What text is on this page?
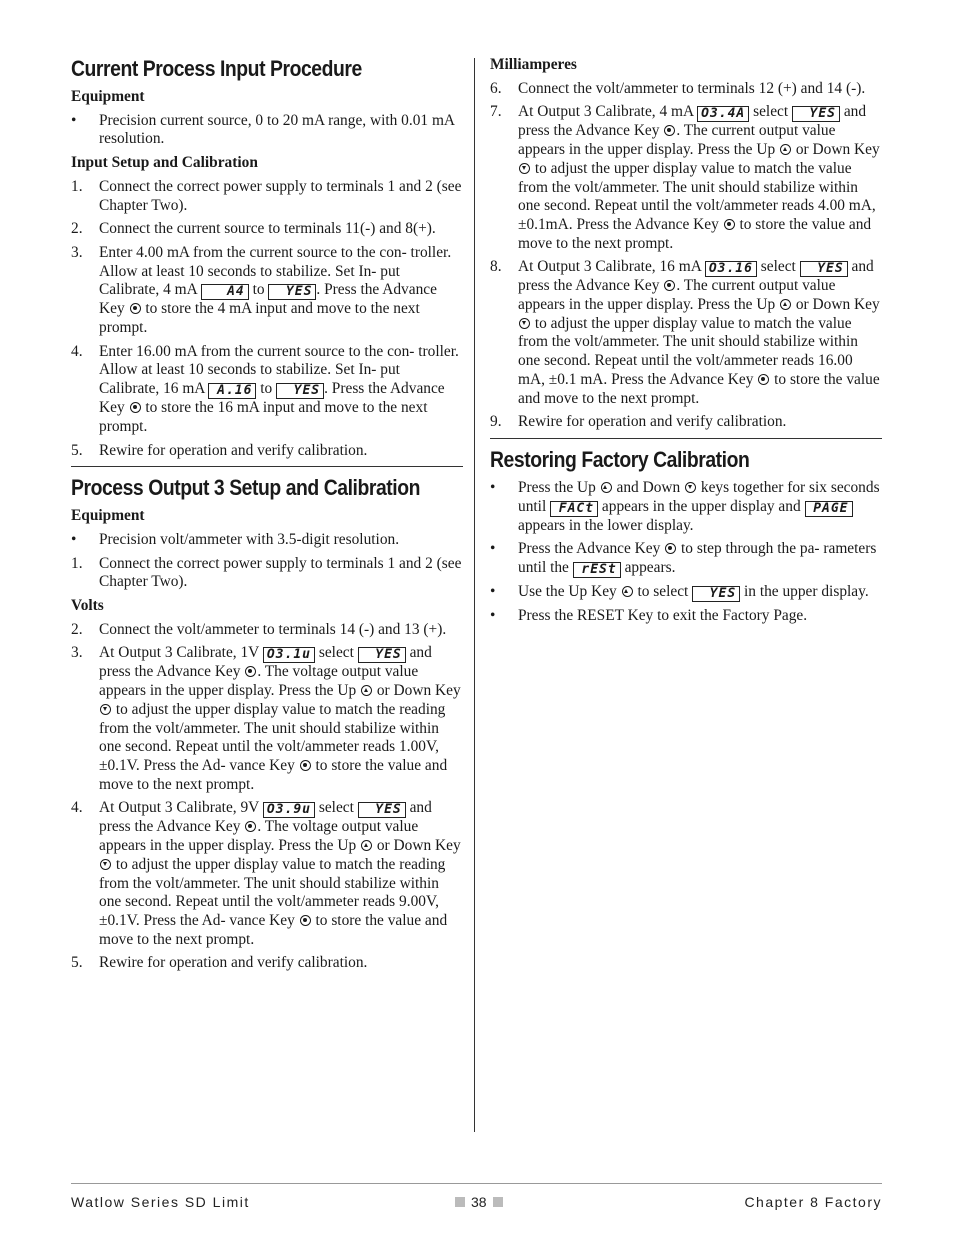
Current Process Input Procedure
Equipment
• Precision current source, 0 to 20 mA range, with 0.01 mA resolution.
Input Setup and Calibration
1. Connect the correct power supply to terminals 1 and 2 (see Chapter Two).
2. Connect the current source to terminals 11(-) and 8(+).
3. Enter 4.00 mA from the current source to the con- troller. Allow at least 10 seconds to stabilize. Set In- put Calibrate, 4 mA A4 to YES . Press the Advance Key  to store the 4 mA input and move to the next prompt.
4. Enter 16.00 mA from the current source to the con- troller. Allow at least 10 seconds to stabilize. Set In- put Calibrate, 16 mA A.16 to YES . Press the Advance Key  to store the 16 mA input and move to the next prompt.
5. Rewire for operation and verify calibration.
Process Output 3 Setup and Calibration
Equipment
• Precision volt/ammeter with 3.5-digit resolution.
1. Connect the correct power supply to terminals 1 and 2 (see Chapter Two).
Volts
2. Connect the volt/ammeter to terminals 14 (-) and 13 (+).
3. At Output 3 Calibrate, 1V O3.1u select YES and press the Advance Key . The voltage output value appears in the upper display. Press the Up  or Down Key  to adjust the upper display value to match the reading from the volt/ammeter. The unit should stabilize within one second. Repeat until the volt/ammeter reads 1.00V, ±0.1V. Press the Ad- vance Key  to store the value and move to the next prompt.
4. At Output 3 Calibrate, 9V O3.9u select YES and press the Advance Key . The voltage output value appears in the upper display. Press the Up  or Down Key  to adjust the upper display value to match the reading from the volt/ammeter. The unit should stabilize within one second. Repeat until the volt/ammeter reads 9.00V, ±0.1V. Press the Ad- vance Key  to store the value and move to the next prompt.
5. Rewire for operation and verify calibration.
Milliamperes
6. Connect the volt/ammeter to terminals 12 (+) and 14 (-).
7. At Output 3 Calibrate, 4 mA O3.4A select YES and press the Advance Key . The current output value appears in the upper display. Press the Up  or Down Key  to adjust the upper display value to match the value from the volt/ammeter. The unit should stabilize within one second. Repeat until the volt/ammeter reads 4.00 mA, ±0.1mA. Press the Advance Key  to store the value and move to the next prompt.
8. At Output 3 Calibrate, 16 mA O3.16 select YES and press the Advance Key . The current output value appears in the upper display. Press the Up  or Down Key  to adjust the upper display value to match the value from the volt/ammeter. The unit should stabilize within one second. Repeat until the volt/ammeter reads 16.00 mA, ±0.1 mA. Press the Advance Key  to store the value and move to the next prompt.
9. Rewire for operation and verify calibration.
Restoring Factory Calibration
• Press the Up  and Down  keys together for six seconds until FACt appears in the upper display and PAGE appears in the lower display.
• Press the Advance Key  to step through the pa- rameters until the rESt appears.
• Use the Up Key  to select YES in the upper display.
• Press the RESET Key to exit the Factory Page.
Watlow Series SD Limit	38	Chapter 8 Factory
